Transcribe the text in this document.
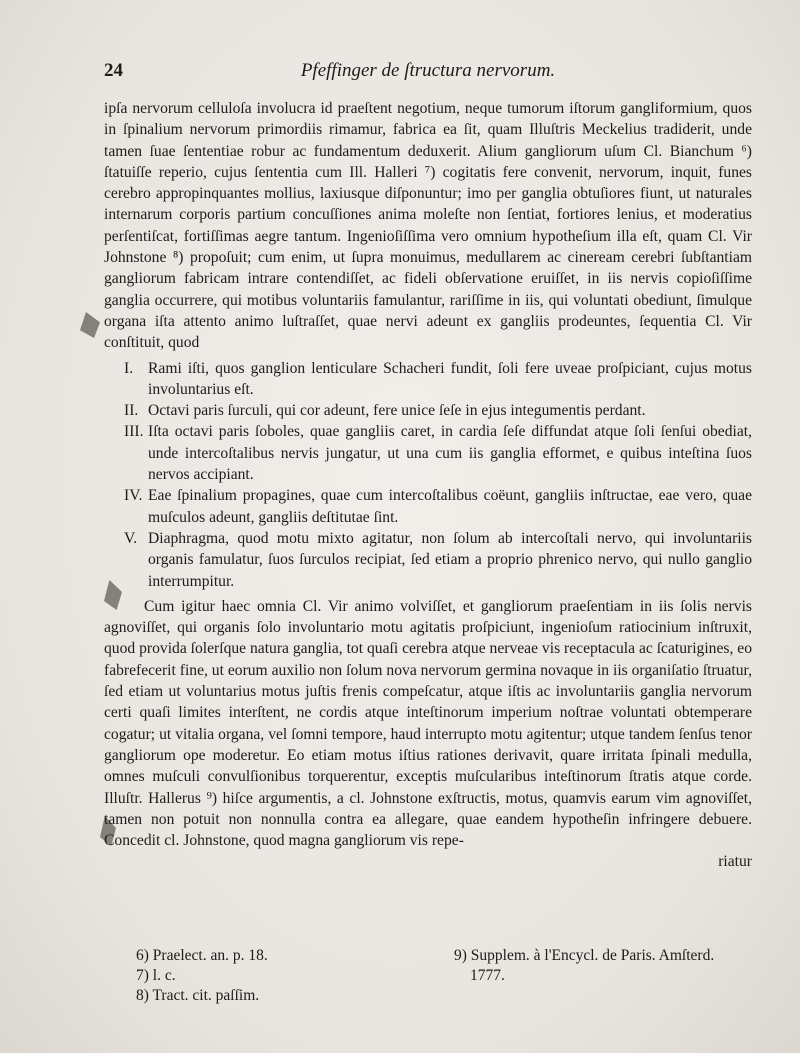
24	Pfeffinger de ſtructura nervorum.

ipſa nervorum celluloſa involucra id praeſtent negotium, neque tumorum iſtorum gangliformium, quos in ſpinalium nervorum primordiis rimamur, fabrica ea ſit, quam Illuſtris Meckelius tradiderit, unde tamen ſuae ſententiae robur ac fundamentum deduxerit. Alium gangliorum uſum Cl. Bianchum ⁶) ſtatuiſſe reperio, cujus ſententia cum Ill. Halleri ⁷) cogitatis fere convenit, nervorum, inquit, funes cerebro appropinquantes mollius, laxiusque diſponuntur; imo per ganglia obtuſiores fiunt, ut naturales internarum corporis partium concuſſiones anima moleſte non ſentiat, fortiores lenius, et moderatius perſentiſcat, fortiſſimas aegre tantum. Ingenioſiſſima vero omnium hypotheſium illa eſt, quam Cl. Vir Johnstone ⁸) propoſuit; cum enim, ut ſupra monuimus, medullarem ac cineream cerebri ſubſtantiam gangliorum fabricam intrare contendiſſet, ac fideli obſervatione eruiſſet, in iis nervis copioſiſſime ganglia occurrere, qui motibus voluntariis famulantur, rariſſime in iis, qui voluntati obediunt, ſimulque organa iſta attento animo luſtraſſet, quae nervi adeunt ex gangliis prodeuntes, ſequentia Cl. Vir conſtituit, quod

I. Rami iſti, quos ganglion lenticulare Schacheri fundit, ſoli fere uveae proſpiciant, cujus motus involuntarius eſt.
II. Octavi paris ſurculi, qui cor adeunt, fere unice ſeſe in ejus integumentis perdant.
III. Iſta octavi paris ſoboles, quae gangliis caret, in cardia ſeſe diffundat atque ſoli ſenſui obediat, unde intercoſtalibus nervis jungatur, ut una cum iis ganglia efformet, e quibus inteſtina ſuos nervos accipiant.
IV. Eae ſpinalium propagines, quae cum intercoſtalibus coëunt, gangliis inſtructae, eae vero, quae muſculos adeunt, gangliis deſtitutae ſint.
V. Diaphragma, quod motu mixto agitatur, non ſolum ab intercoſtali nervo, qui involuntariis organis famulatur, ſuos ſurculos recipiat, ſed etiam a proprio phrenico nervo, qui nullo ganglio interrumpitur.

Cum igitur haec omnia Cl. Vir animo volviſſet, et gangliorum praeſentiam in iis ſolis nervis agnoviſſet, qui organis ſolo involuntario motu agitatis proſpiciunt, ingenioſum ratiocinium inſtruxit, quod provida ſolerſque natura ganglia, tot quaſi cerebra atque nerveae vis receptacula ac ſcaturigines, eo fabrefecerit fine, ut eorum auxilio non ſolum nova nervorum germina novaque in iis organiſatio ſtruatur, ſed etiam ut voluntarius motus juſtis frenis compeſcatur, atque iſtis ac involuntariis ganglia nervorum certi quaſi limites interſtent, ne cordis atque inteſtinorum imperium noſtrae voluntati obtemperare cogatur; ut vitalia organa, vel ſomni tempore, haud interrupto motu agitentur; utque tandem ſenſus tenor gangliorum ope moderetur. Eo etiam motus iſtius rationes derivavit, quare irritata ſpinali medulla, omnes muſculi convulſionibus torquerentur, exceptis muſcularibus inteſtinorum ſtratis atque corde. Illuſtr. Hallerus ⁹) hiſce argumentis, a cl. Johnstone exſtructis, motus, quamvis earum vim agnoviſſet, tamen non potuit non nonnulla contra ea allegare, quae eandem hypotheſin infringere debuere. Concedit cl. Johnstone, quod magna gangliorum vis repe-

riatur
6) Praelect. an. p. 18.
7) l. c.
8) Tract. cit. paſſim.
9) Supplem. à l'Encycl. de Paris. Amſterd.
1777.
